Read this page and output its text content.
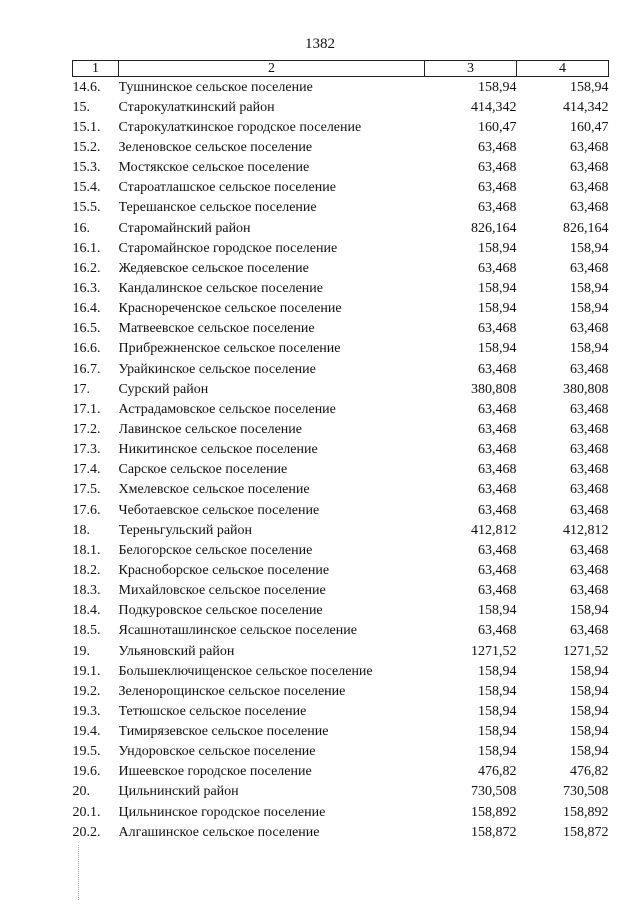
1382
1	2	3	4
14.6.	Тушнинское сельское поселение	158,94	158,94
15.	Старокулаткинский район	414,342	414,342
15.1.	Старокулаткинское городское поселение	160,47	160,47
15.2.	Зеленовское сельское поселение	63,468	63,468
15.3.	Мостякское сельское поселение	63,468	63,468
15.4.	Староатлашское сельское поселение	63,468	63,468
15.5.	Терешанское сельское поселение	63,468	63,468
16.	Старомайнский район	826,164	826,164
16.1.	Старомайнское городское поселение	158,94	158,94
16.2.	Жедяевское сельское поселение	63,468	63,468
16.3.	Кандалинское сельское поселение	158,94	158,94
16.4.	Краснореченское сельское поселение	158,94	158,94
16.5.	Матвеевское сельское поселение	63,468	63,468
16.6.	Прибрежненское сельское поселение	158,94	158,94
16.7.	Урайкинское сельское поселение	63,468	63,468
17.	Сурский район	380,808	380,808
17.1.	Астрадамовское сельское поселение	63,468	63,468
17.2.	Лавинское сельское поселение	63,468	63,468
17.3.	Никитинское сельское поселение	63,468	63,468
17.4.	Сарское сельское поселение	63,468	63,468
17.5.	Хмелевское сельское поселение	63,468	63,468
17.6.	Чеботаевское сельское поселение	63,468	63,468
18.	Тереньгульский район	412,812	412,812
18.1.	Белогорское сельское поселение	63,468	63,468
18.2.	Красноборское сельское поселение	63,468	63,468
18.3.	Михайловское сельское поселение	63,468	63,468
18.4.	Подкуровское сельское поселение	158,94	158,94
18.5.	Ясашноташлинское сельское поселение	63,468	63,468
19.	Ульяновский район	1271,52	1271,52
19.1.	Большеключищенское сельское поселение	158,94	158,94
19.2.	Зеленорощинское сельское поселение	158,94	158,94
19.3.	Тетюшское сельское поселение	158,94	158,94
19.4.	Тимирязевское сельское поселение	158,94	158,94
19.5.	Ундоровское сельское поселение	158,94	158,94
19.6.	Ишеевское городское поселение	476,82	476,82
20.	Цильнинский район	730,508	730,508
20.1.	Цильнинское городское поселение	158,892	158,892
20.2.	Алгашинское сельское поселение	158,872	158,872
